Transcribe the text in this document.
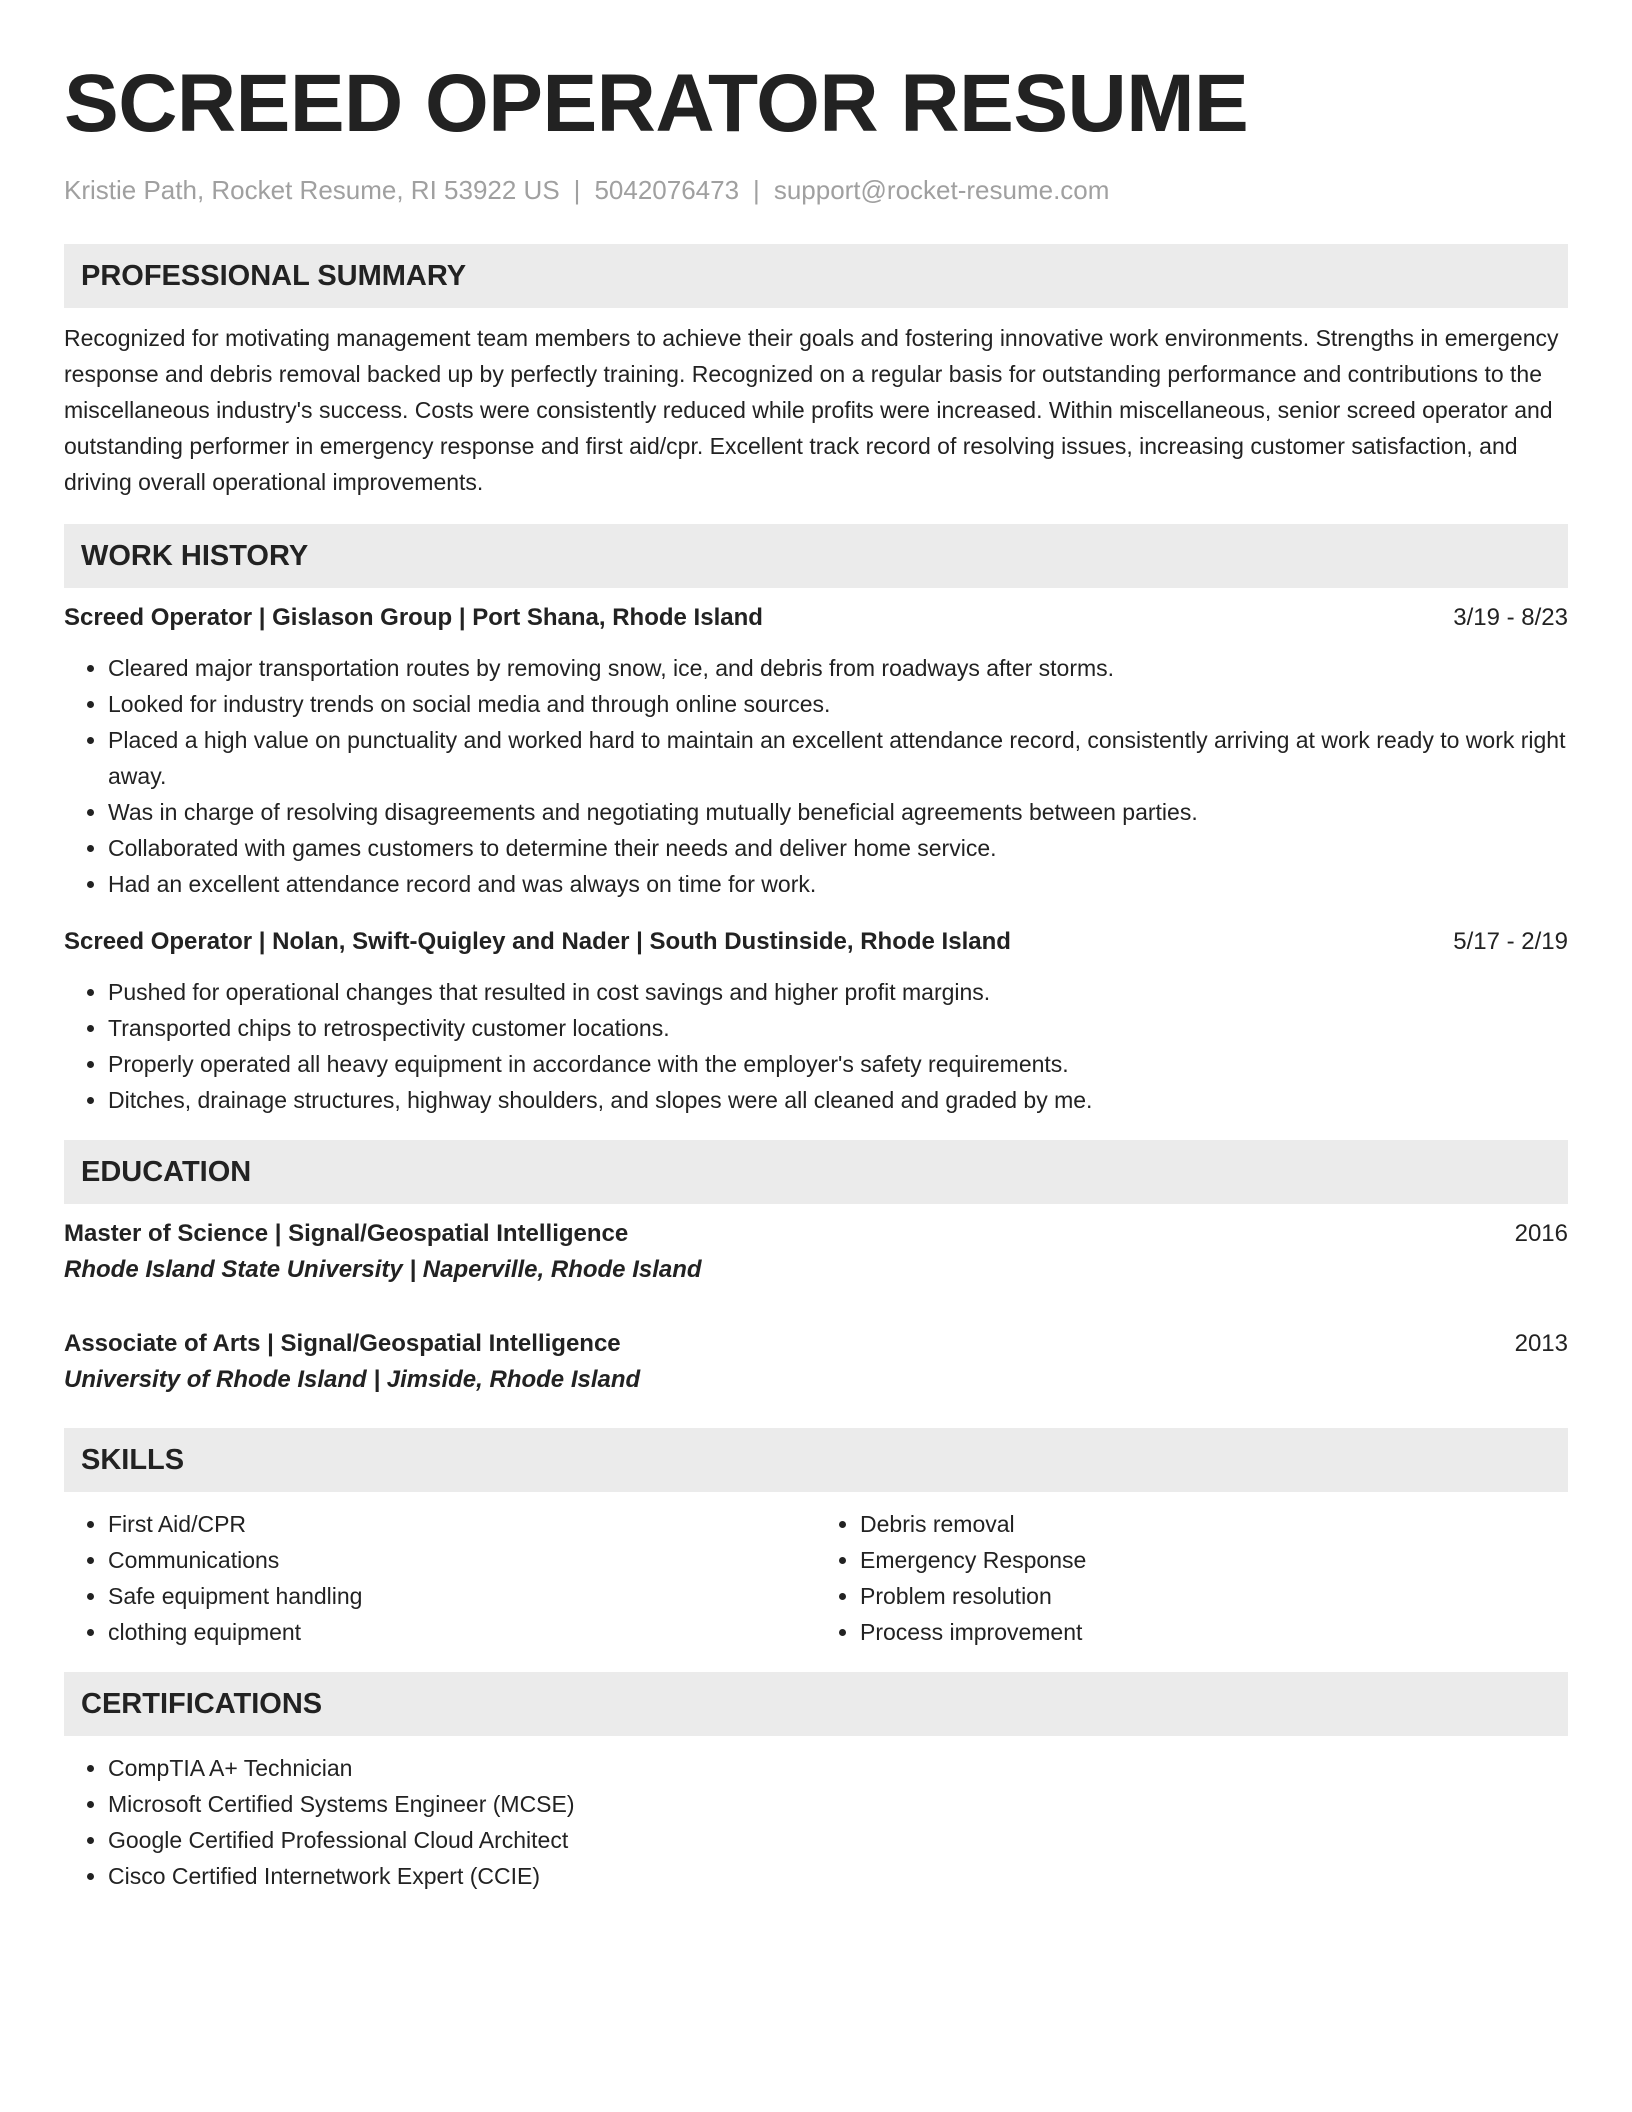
SCREED OPERATOR RESUME
Kristie Path, Rocket Resume, RI 53922 US | 5042076473 | support@rocket-resume.com
PROFESSIONAL SUMMARY

Recognized for motivating management team members to achieve their goals and fostering innovative work environments. Strengths in emergency response and debris removal backed up by perfectly training. Recognized on a regular basis for outstanding performance and contributions to the miscellaneous industry's success. Costs were consistently reduced while profits were increased. Within miscellaneous, senior screed operator and outstanding performer in emergency response and first aid/cpr. Excellent track record of resolving issues, increasing customer satisfaction, and driving overall operational improvements.

WORK HISTORY
Screed Operator | Gislason Group | Port Shana, Rhode Island	3/19 - 8/23
• Cleared major transportation routes by removing snow, ice, and debris from roadways after storms.
• Looked for industry trends on social media and through online sources.
• Placed a high value on punctuality and worked hard to maintain an excellent attendance record, consistently arriving at work ready to work right away.
• Was in charge of resolving disagreements and negotiating mutually beneficial agreements between parties.
• Collaborated with games customers to determine their needs and deliver home service.
• Had an excellent attendance record and was always on time for work.
Screed Operator | Nolan, Swift-Quigley and Nader | South Dustinside, Rhode Island	5/17 - 2/19
• Pushed for operational changes that resulted in cost savings and higher profit margins.
• Transported chips to retrospectivity customer locations.
• Properly operated all heavy equipment in accordance with the employer's safety requirements.
• Ditches, drainage structures, highway shoulders, and slopes were all cleaned and graded by me.
EDUCATION
Master of Science | Signal/Geospatial Intelligence	2016
Rhode Island State University | Naperville, Rhode Island
Associate of Arts | Signal/Geospatial Intelligence	2013
University of Rhode Island | Jimside, Rhode Island
SKILLS
• First Aid/CPR
• Communications
• Safe equipment handling
• clothing equipment
• Debris removal
• Emergency Response
• Problem resolution
• Process improvement
CERTIFICATIONS
• CompTIA A+ Technician
• Microsoft Certified Systems Engineer (MCSE)
• Google Certified Professional Cloud Architect
• Cisco Certified Internetwork Expert (CCIE)
